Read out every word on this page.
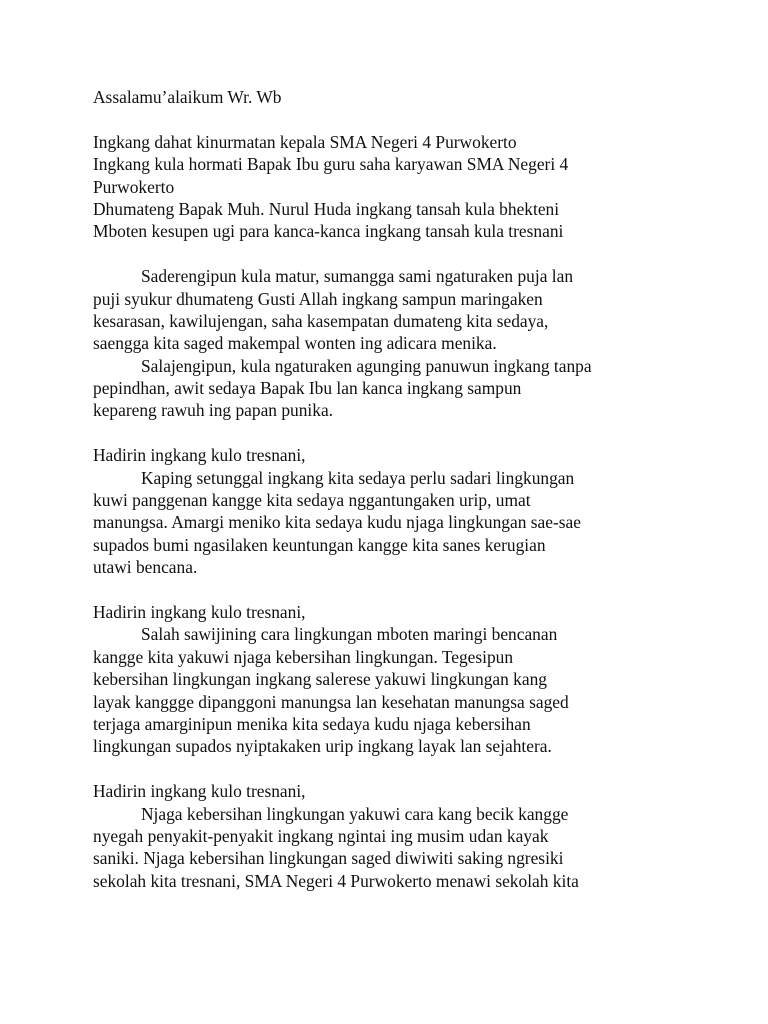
Assalamu’alaikum Wr. Wb
Ingkang dahat kinurmatan kepala SMA Negeri 4 Purwokerto
Ingkang kula hormati Bapak Ibu guru saha karyawan SMA Negeri 4
Purwokerto
Dhumateng Bapak Muh. Nurul Huda ingkang tansah kula bhekteni
Mboten kesupen ugi para kanca-kanca ingkang tansah kula tresnani
Saderengipun kula matur, sumangga sami ngaturaken puja lan
puji syukur dhumateng Gusti Allah ingkang sampun maringaken
kesarasan, kawilujengan, saha kasempatan dumateng kita sedaya,
saengga kita saged makempal wonten ing adicara menika.
Salajengipun, kula ngaturaken agunging panuwun ingkang tanpa
pepindhan, awit sedaya Bapak Ibu lan kanca ingkang sampun
kepareng rawuh ing papan punika.
Hadirin ingkang kulo tresnani,
Kaping setunggal ingkang kita sedaya perlu sadari lingkungan
kuwi panggenan kangge kita sedaya nggantungaken urip, umat
manungsa. Amargi meniko kita sedaya kudu njaga lingkungan sae-sae
supados bumi ngasilaken keuntungan kangge kita sanes kerugian
utawi bencana.
Hadirin ingkang kulo tresnani,
Salah sawijining cara lingkungan mboten maringi bencanan
kangge kita yakuwi njaga kebersihan lingkungan. Tegesipun
kebersihan lingkungan ingkang salerese yakuwi lingkungan kang
layak kanggge dipanggoni manungsa lan kesehatan manungsa saged
terjaga amarginipun menika kita sedaya kudu njaga kebersihan
lingkungan supados nyiptakaken urip ingkang layak lan sejahtera.
Hadirin ingkang kulo tresnani,
Njaga kebersihan lingkungan yakuwi cara kang becik kangge
nyegah penyakit-penyakit ingkang ngintai ing musim udan kayak
saniki. Njaga kebersihan lingkungan saged diwiwiti saking ngresiki
sekolah kita tresnani, SMA Negeri 4 Purwokerto menawi sekolah kita
